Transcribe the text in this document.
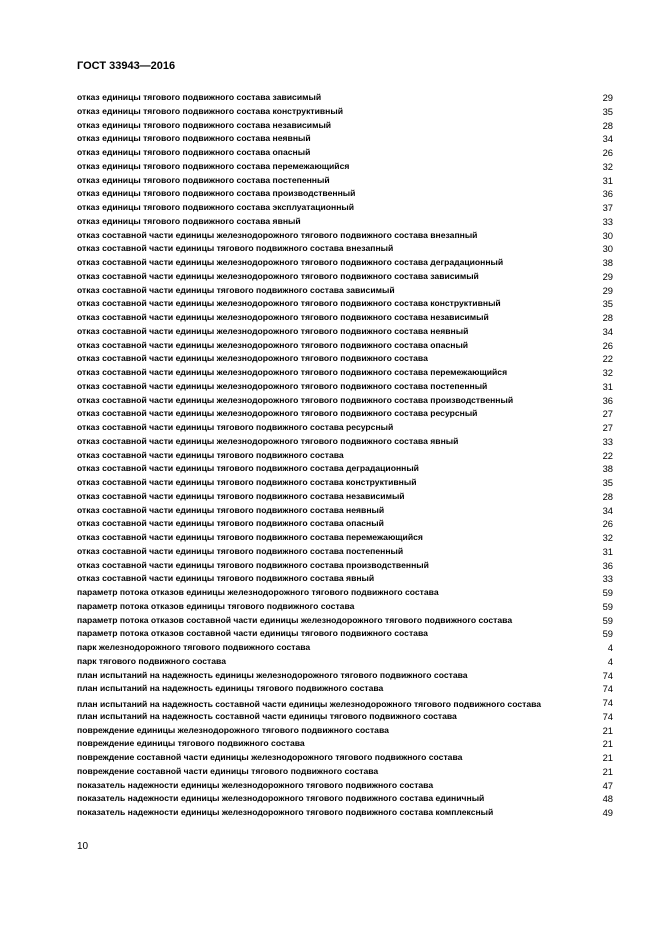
ГОСТ 33943—2016
отказ единицы тягового подвижного состава зависимый	29
отказ единицы тягового подвижного состава конструктивный	35
отказ единицы тягового подвижного состава независимый	28
отказ единицы тягового подвижного состава неявный	34
отказ единицы тягового подвижного состава опасный	26
отказ единицы тягового подвижного состава перемежающийся	32
отказ единицы тягового подвижного состава постепенный	31
отказ единицы тягового подвижного состава производственный	36
отказ единицы тягового подвижного состава эксплуатационный	37
отказ единицы тягового подвижного состава явный	33
отказ составной части единицы железнодорожного тягового подвижного состава внезапный	30
отказ составной части единицы тягового подвижного состава внезапный	30
отказ составной части единицы железнодорожного тягового подвижного состава деградационный	38
отказ составной части единицы железнодорожного тягового подвижного состава зависимый	29
отказ составной части единицы тягового подвижного состава зависимый	29
отказ составной части единицы железнодорожного тягового подвижного состава конструктивный	35
отказ составной части единицы железнодорожного тягового подвижного состава независимый	28
отказ составной части единицы железнодорожного тягового подвижного состава неявный	34
отказ составной части единицы железнодорожного тягового подвижного состава опасный	26
отказ составной части единицы железнодорожного тягового подвижного состава	22
отказ составной части единицы железнодорожного тягового подвижного состава перемежающийся	32
отказ составной части единицы железнодорожного тягового подвижного состава постепенный	31
отказ составной части единицы железнодорожного тягового подвижного состава производственный	36
отказ составной части единицы железнодорожного тягового подвижного состава ресурсный	27
отказ составной части единицы тягового подвижного состава ресурсный	27
отказ составной части единицы железнодорожного тягового подвижного состава явный	33
отказ составной части единицы тягового подвижного состава	22
отказ составной части единицы тягового подвижного состава деградационный	38
отказ составной части единицы тягового подвижного состава конструктивный	35
отказ составной части единицы тягового подвижного состава независимый	28
отказ составной части единицы тягового подвижного состава неявный	34
отказ составной части единицы тягового подвижного состава опасный	26
отказ составной части единицы тягового подвижного состава перемежающийся	32
отказ составной части единицы тягового подвижного состава постепенный	31
отказ составной части единицы тягового подвижного состава производственный	36
отказ составной части единицы тягового подвижного состава явный	33
параметр потока отказов единицы железнодорожного тягового подвижного состава	59
параметр потока отказов единицы тягового подвижного состава	59
параметр потока отказов составной части единицы железнодорожного тягового подвижного состава	59
параметр потока отказов составной части единицы тягового подвижного состава	59
парк железнодорожного тягового подвижного состава	4
парк тягового подвижного состава	4
план испытаний на надежность единицы железнодорожного тягового подвижного состава	74
план испытаний на надежность единицы тягового подвижного состава	74
план испытаний на надежность составной части единицы железнодорожного тягового подвижного состава	74
план испытаний на надежность составной части единицы тягового подвижного состава	74
повреждение единицы железнодорожного тягового подвижного состава	21
повреждение единицы тягового подвижного состава	21
повреждение составной части единицы железнодорожного тягового подвижного состава	21
повреждение составной части единицы тягового подвижного состава	21
показатель надежности единицы железнодорожного тягового подвижного состава	47
показатель надежности единицы железнодорожного тягового подвижного состава единичный	48
показатель надежности единицы железнодорожного тягового подвижного состава комплексный	49
10
